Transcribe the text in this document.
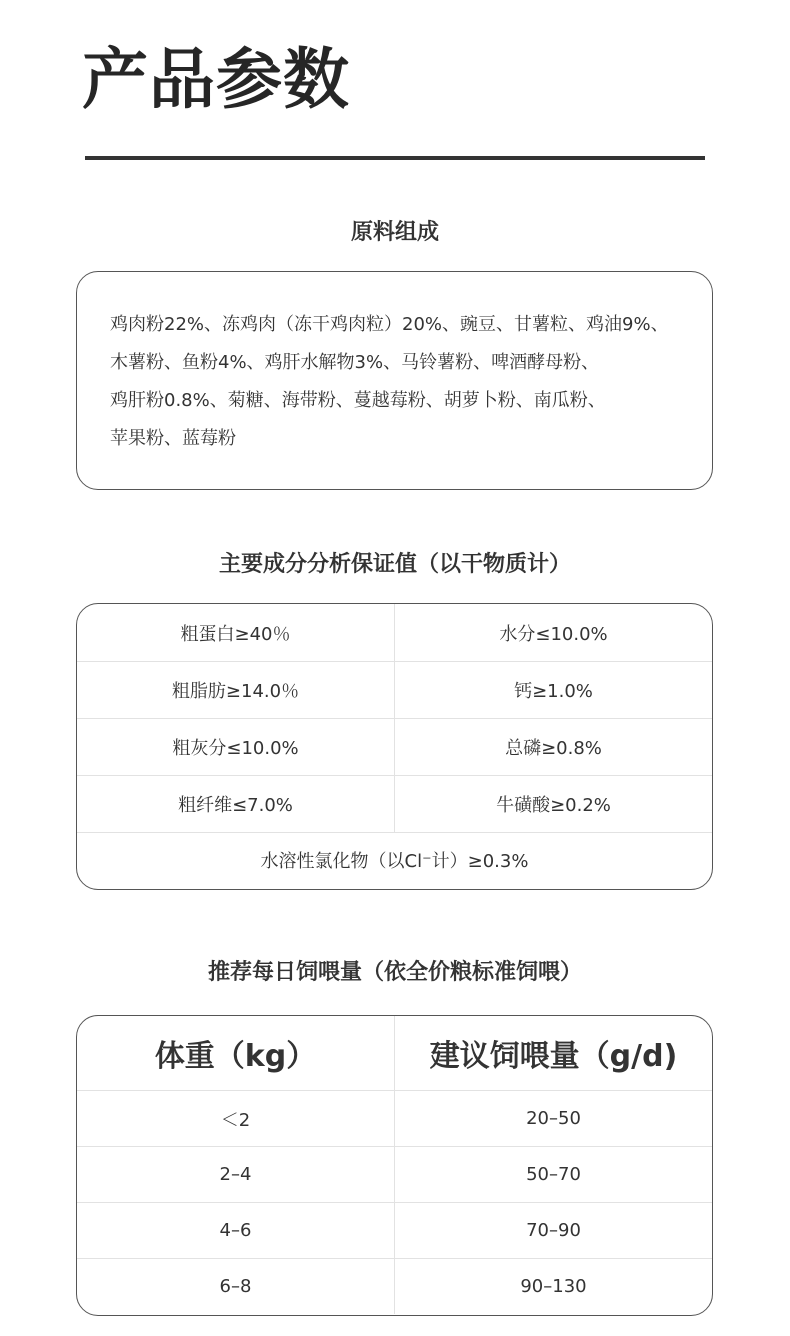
产品参数
原料组成
鸡肉粉22%、冻鸡肉（冻干鸡肉粒）20%、豌豆、甘薯粒、鸡油9%、
木薯粉、鱼粉4%、鸡肝水解物3%、马铃薯粉、啤酒酵母粉、
鸡肝粉0.8%、菊糖、海带粉、蔓越莓粉、胡萝卜粉、南瓜粉、
苹果粉、蓝莓粉
主要成分分析保证值（以干物质计）
粗蛋白≥40％	水分≤10.0%
粗脂肪≥14.0％	钙≥1.0%
粗灰分≤10.0%	总磷≥0.8%
粗纤维≤7.0%	牛磺酸≥0.2%
水溶性氯化物（以Cl⁻计）≥0.3%
推荐每日饲喂量（依全价粮标准饲喂）
体重（kg）	建议饲喂量（g/d)
＜2	20–50
2–4	50–70
4–6	70–90
6–8	90–130
